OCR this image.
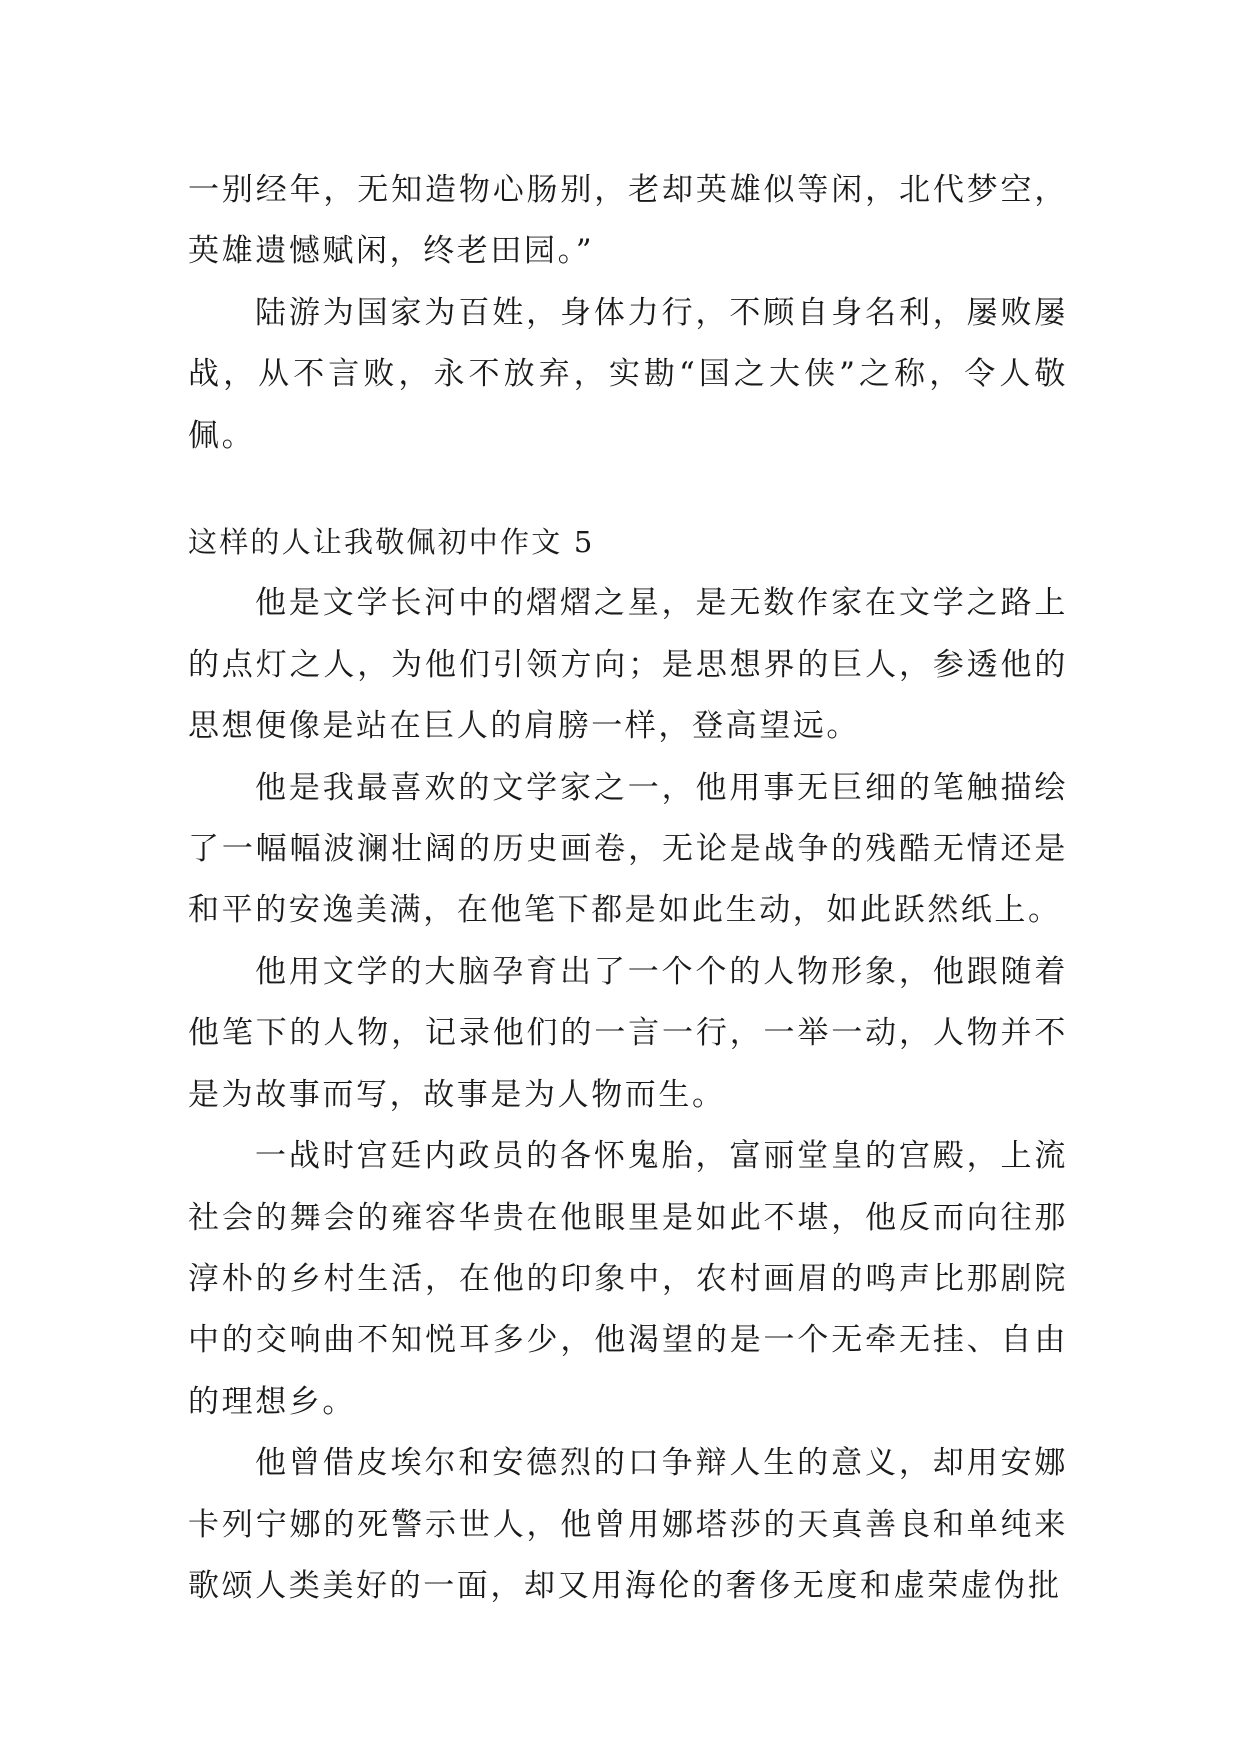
一别经年，无知造物心肠别，老却英雄似等闲，北代梦空，英雄遗憾赋闲，终老田园。”

陆游为国家为百姓，身体力行，不顾自身名利，屡败屡战，从不言败，永不放弃，实勘“国之大侠”之称，令人敬佩。

这样的人让我敬佩初中作文 5

他是文学长河中的熠熠之星，是无数作家在文学之路上的点灯之人，为他们引领方向；是思想界的巨人，参透他的思想便像是站在巨人的肩膀一样，登高望远。

他是我最喜欢的文学家之一，他用事无巨细的笔触描绘了一幅幅波澜壮阔的历史画卷，无论是战争的残酷无情还是和平的安逸美满，在他笔下都是如此生动，如此跃然纸上。

他用文学的大脑孕育出了一个个的人物形象，他跟随着他笔下的人物，记录他们的一言一行，一举一动，人物并不是为故事而写，故事是为人物而生。

一战时宫廷内政员的各怀鬼胎，富丽堂皇的宫殿，上流社会的舞会的雍容华贵在他眼里是如此不堪，他反而向往那淳朴的乡村生活，在他的印象中，农村画眉的鸣声比那剧院中的交响曲不知悦耳多少，他渴望的是一个无牵无挂、自由的理想乡。

他曾借皮埃尔和安德烈的口争辩人生的意义，却用安娜卡列宁娜的死警示世人，他曾用娜塔莎的天真善良和单纯来歌颂人类美好的一面，却又用海伦的奢侈无度和虚荣虚伪批
